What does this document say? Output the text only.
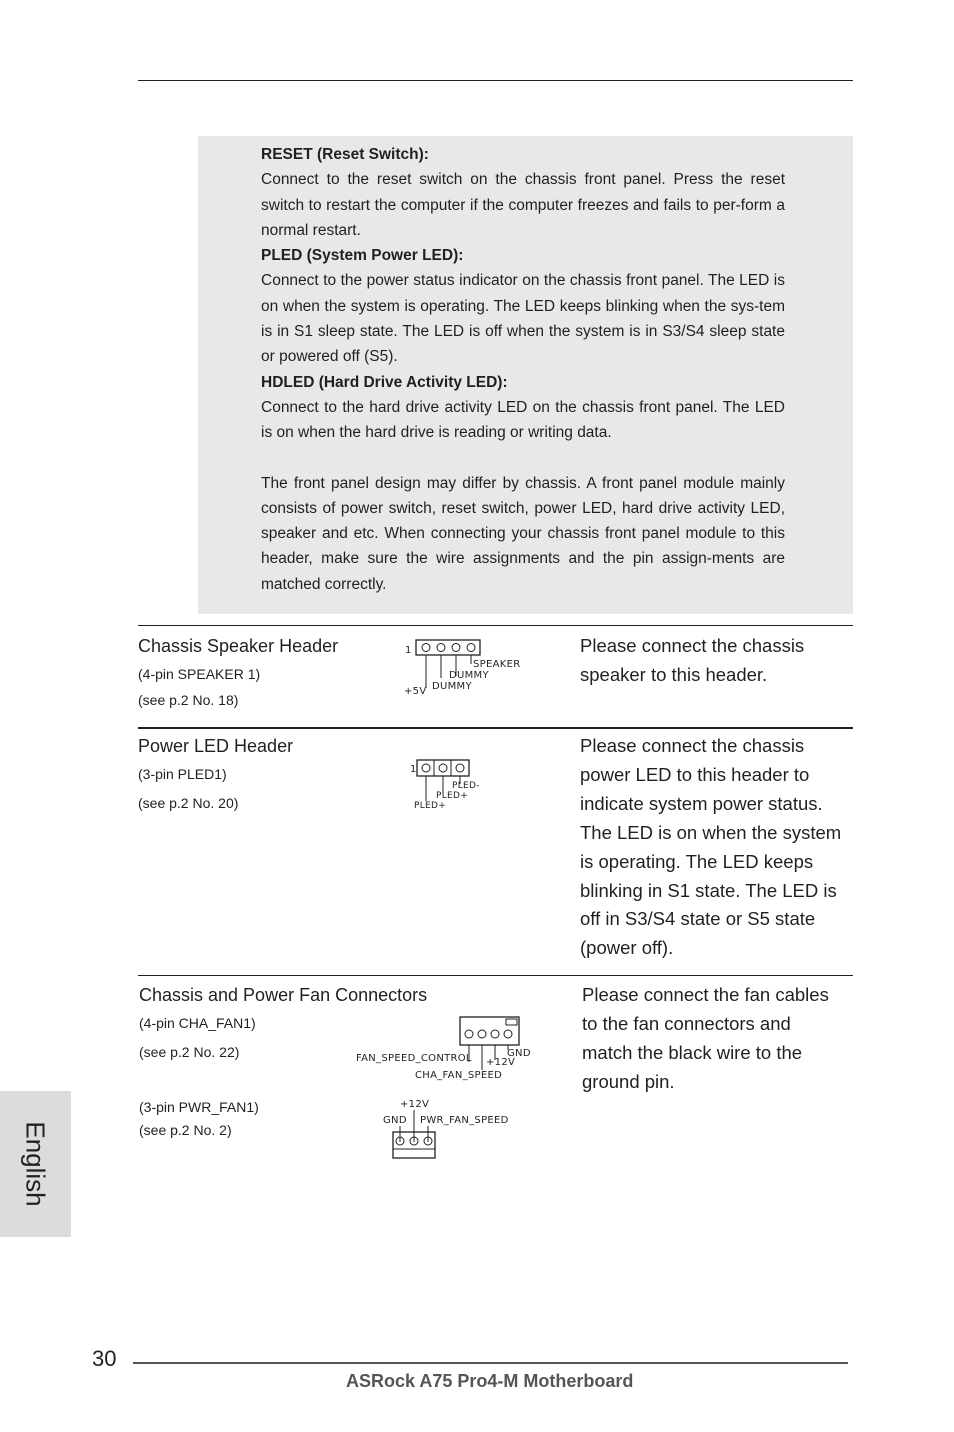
RESET (Reset Switch):
Connect to the reset switch on the chassis front panel. Press the reset switch to restart the computer if the computer freezes and fails to per-form a normal restart.
PLED (System Power LED):
Connect to the power status indicator on the chassis front panel. The LED is on when the system is operating. The LED keeps blinking when the sys-tem is in S1 sleep state. The LED is off when the system is in S3/S4 sleep state or powered off (S5).
HDLED (Hard Drive Activity LED):
Connect to the hard drive activity LED on the chassis front panel. The LED is on when the hard drive is reading or writing data.
The front panel design may differ by chassis. A front panel module mainly consists of power switch, reset switch, power LED, hard drive activity LED, speaker and etc. When connecting your chassis front panel module to this header, make sure the wire assignments and the pin assign-ments are matched correctly.
Chassis Speaker Header
(4-pin SPEAKER 1)
(see p.2 No. 18)
1
SPEAKER
DUMMY
+5V DUMMY
Please connect the chassis
speaker to this header.
Power LED Header
(3-pin PLED1)
(see p.2 No. 20)
1
PLED-
PLED+
PLED+
Please connect the chassis
power LED to this header to
indicate system power status.
The LED is on when the system
is operating. The LED keeps
blinking in S1 state. The LED is
off in S3/S4 state or S5 state
(power off).
Chassis and Power Fan Connectors
(4-pin CHA_FAN1)
(see p.2 No. 22)
(3-pin PWR_FAN1)
(see p.2 No. 2)
GND
FAN_SPEED_CONTROL +12V
CHA_FAN_SPEED
+12V
GND PWR_FAN_SPEED
Please connect the fan cables
to the fan connectors and
match the black wire to the
ground pin.
English
30
ASRock A75 Pro4-M Motherboard
